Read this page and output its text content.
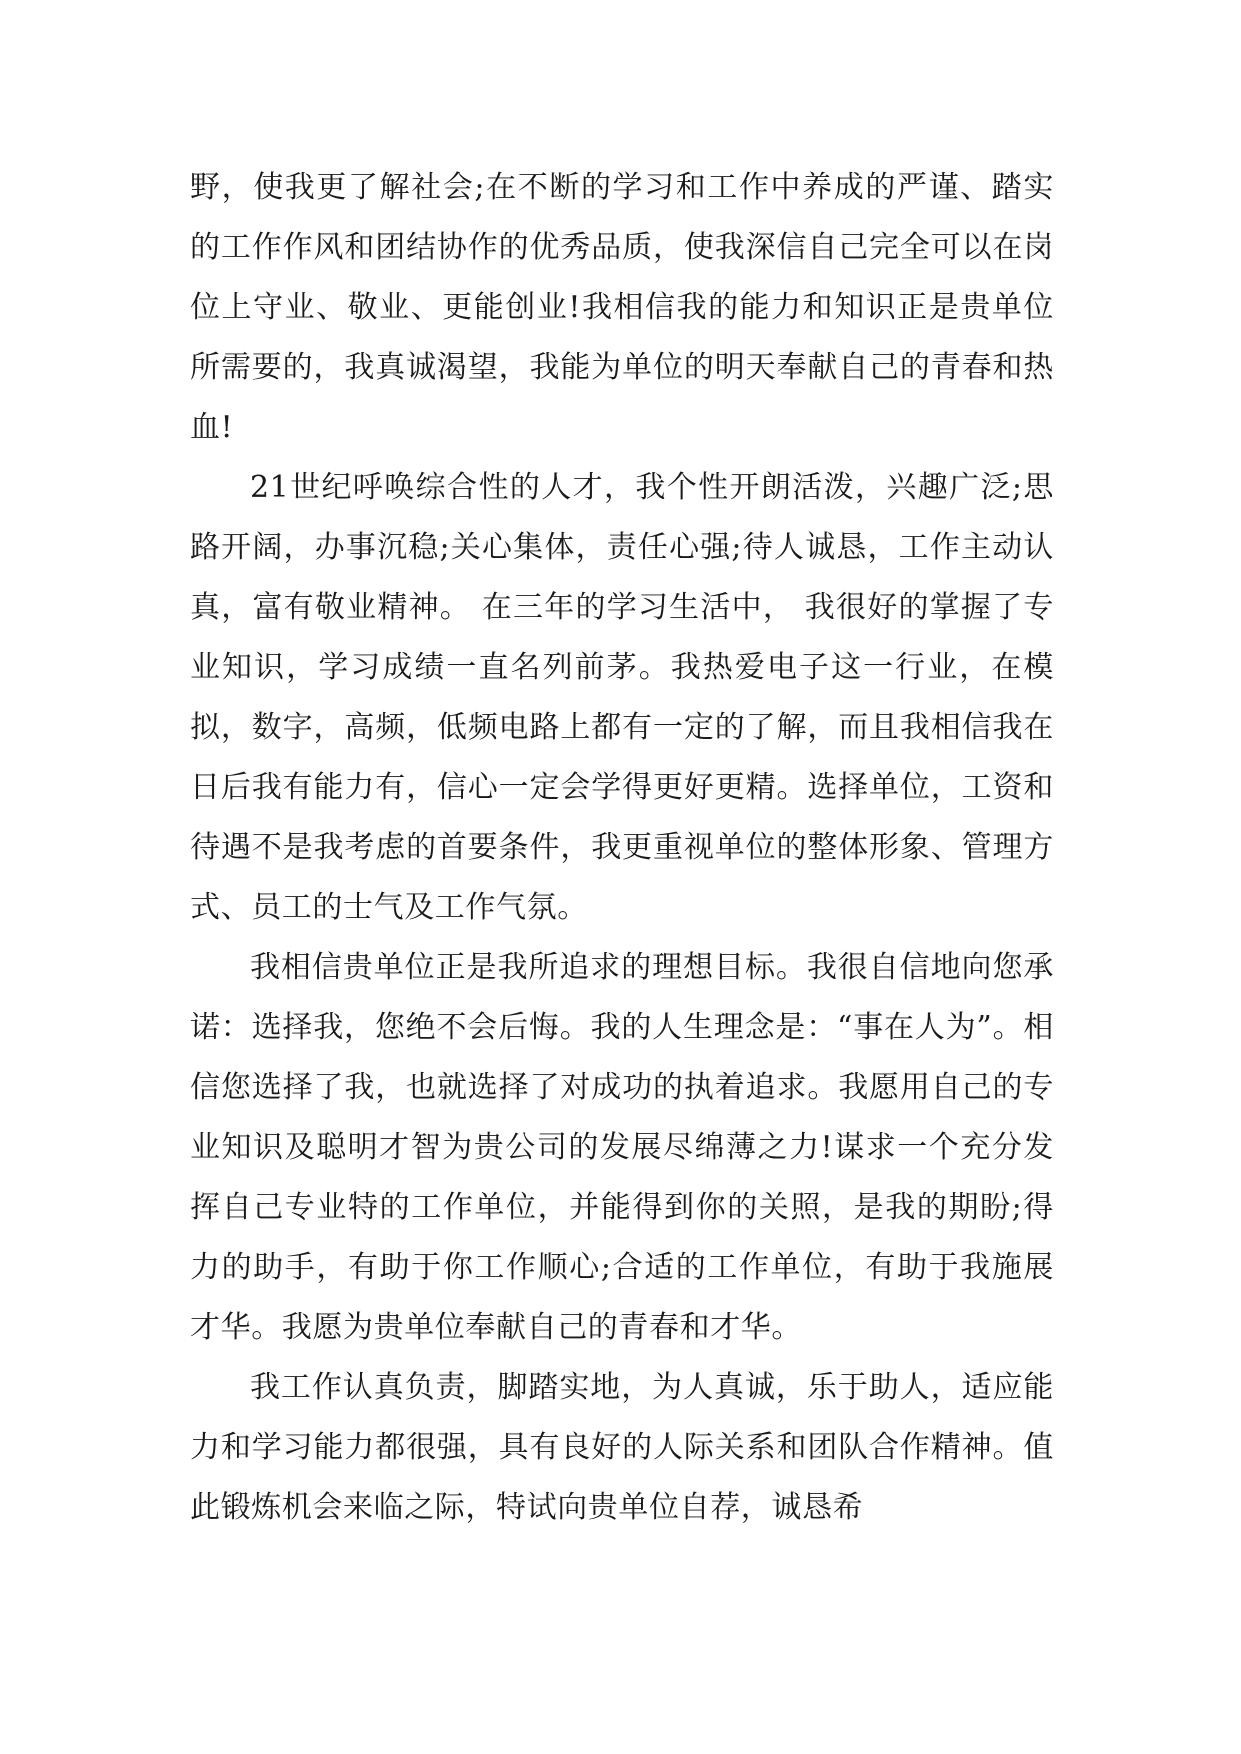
野，使我更了解社会;在不断的学习和工作中养成的严谨、踏实的工作作风和团结协作的优秀品质，使我深信自己完全可以在岗位上守业、敬业、更能创业!我相信我的能力和知识正是贵单位所需要的，我真诚渴望，我能为单位的明天奉献自己的青春和热血!

21世纪呼唤综合性的人才，我个性开朗活泼，兴趣广泛;思路开阔，办事沉稳;关心集体，责任心强;待人诚恳，工作主动认真，富有敬业精神。 在三年的学习生活中， 我很好的掌握了专业知识，学习成绩一直名列前茅。我热爱电子这一行业，在模拟，数字，高频，低频电路上都有一定的了解，而且我相信我在日后我有能力有，信心一定会学得更好更精。选择单位，工资和待遇不是我考虑的首要条件，我更重视单位的整体形象、管理方式、员工的士气及工作气氛。

我相信贵单位正是我所追求的理想目标。我很自信地向您承诺：选择我，您绝不会后悔。我的人生理念是：“事在人为”。相信您选择了我，也就选择了对成功的执着追求。我愿用自己的专业知识及聪明才智为贵公司的发展尽绵薄之力!谋求一个充分发挥自己专业特的工作单位，并能得到你的关照，是我的期盼;得力的助手，有助于你工作顺心;合适的工作单位，有助于我施展才华。我愿为贵单位奉献自己的青春和才华。

我工作认真负责，脚踏实地，为人真诚，乐于助人，适应能力和学习能力都很强，具有良好的人际关系和团队合作精神。值此锻炼机会来临之际，特试向贵单位自荐，诚恳希
